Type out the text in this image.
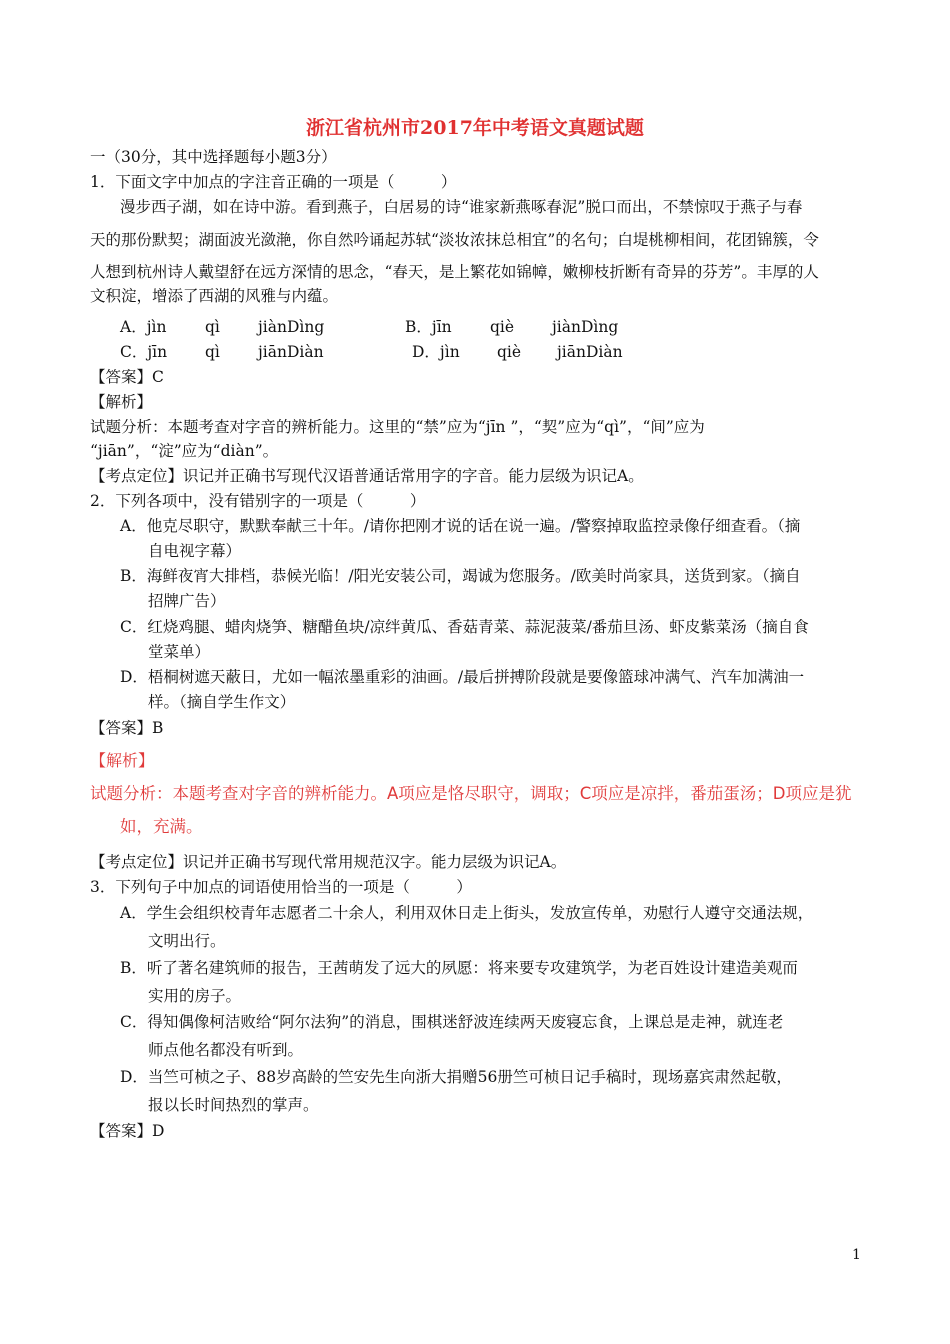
浙江省杭州市2017年中考语文真题试题
一（30分，其中选择题每小题3分）
1．下面文字中加点的字注音正确的一项是（　　　）
漫步西子湖，如在诗中游。看到燕子，白居易的诗“谁家新燕啄春泥”脱口而出，不禁惊叹于燕子与春
天的那份默契；湖面波光潋滟，你自然吟诵起苏轼“淡妆浓抹总相宜”的名句；白堤桃柳相间，花团锦簇，令
人想到杭州诗人戴望舒在远方深情的思念，“春天，是上繁花如锦幛，嫩柳枝折断有奇异的芬芳”。丰厚的人
文积淀，增添了西湖的风雅与内蕴。
A．jìn qì jiànDìng	B．jīn qiè jiànDìng
C．jīn qì jiānDiàn	D．jìn qiè jiānDiàn
【答案】C
【解析】
试题分析：本题考查对字音的辨析能力。这里的“禁”应为“jīn ”，“契”应为“qì”，“间”应为
“jiān”，“淀”应为“diàn”。
【考点定位】识记并正确书写现代汉语普通话常用字的字音。能力层级为识记A。
2．下列各项中，没有错别字的一项是（　　　）
A．他克尽职守，默默奉献三十年。/请你把刚才说的话在说一遍。/警察掉取监控录像仔细查看。（摘
自电视字幕）
B．海鲜夜宵大排档，恭候光临！/阳光安装公司，竭诚为您服务。/欧美时尚家具，送货到家。（摘自
招牌广告）
C．红烧鸡腿、蜡肉烧笋、糖醋鱼块/凉绊黄瓜、香菇青菜、蒜泥菠菜/番茄旦汤、虾皮紫菜汤（摘自食
堂菜单）
D．梧桐树遮天蔽日，尤如一幅浓墨重彩的油画。/最后拼搏阶段就是要像篮球冲满气、汽车加满油一
样。（摘自学生作文）
【答案】B
【解析】
试题分析：本题考查对字音的辨析能力。A项应是恪尽职守，调取；C项应是凉拌，番茄蛋汤；D项应是犹
如，充满。
【考点定位】识记并正确书写现代常用规范汉字。能力层级为识记A。
3．下列句子中加点的词语使用恰当的一项是（　　　）
A．学生会组织校青年志愿者二十余人，利用双休日走上街头，发放宣传单，劝慰行人遵守交通法规，
文明出行。
B．听了著名建筑师的报告，王茜萌发了远大的夙愿：将来要专攻建筑学，为老百姓设计建造美观而
实用的房子。
C．得知偶像柯洁败给“阿尔法狗”的消息，围棋迷舒波连续两天废寝忘食，上课总是走神，就连老
师点他名都没有听到。
D．当竺可桢之子、88岁高龄的竺安先生向浙大捐赠56册竺可桢日记手稿时，现场嘉宾肃然起敬，
报以长时间热烈的掌声。
【答案】D
1
